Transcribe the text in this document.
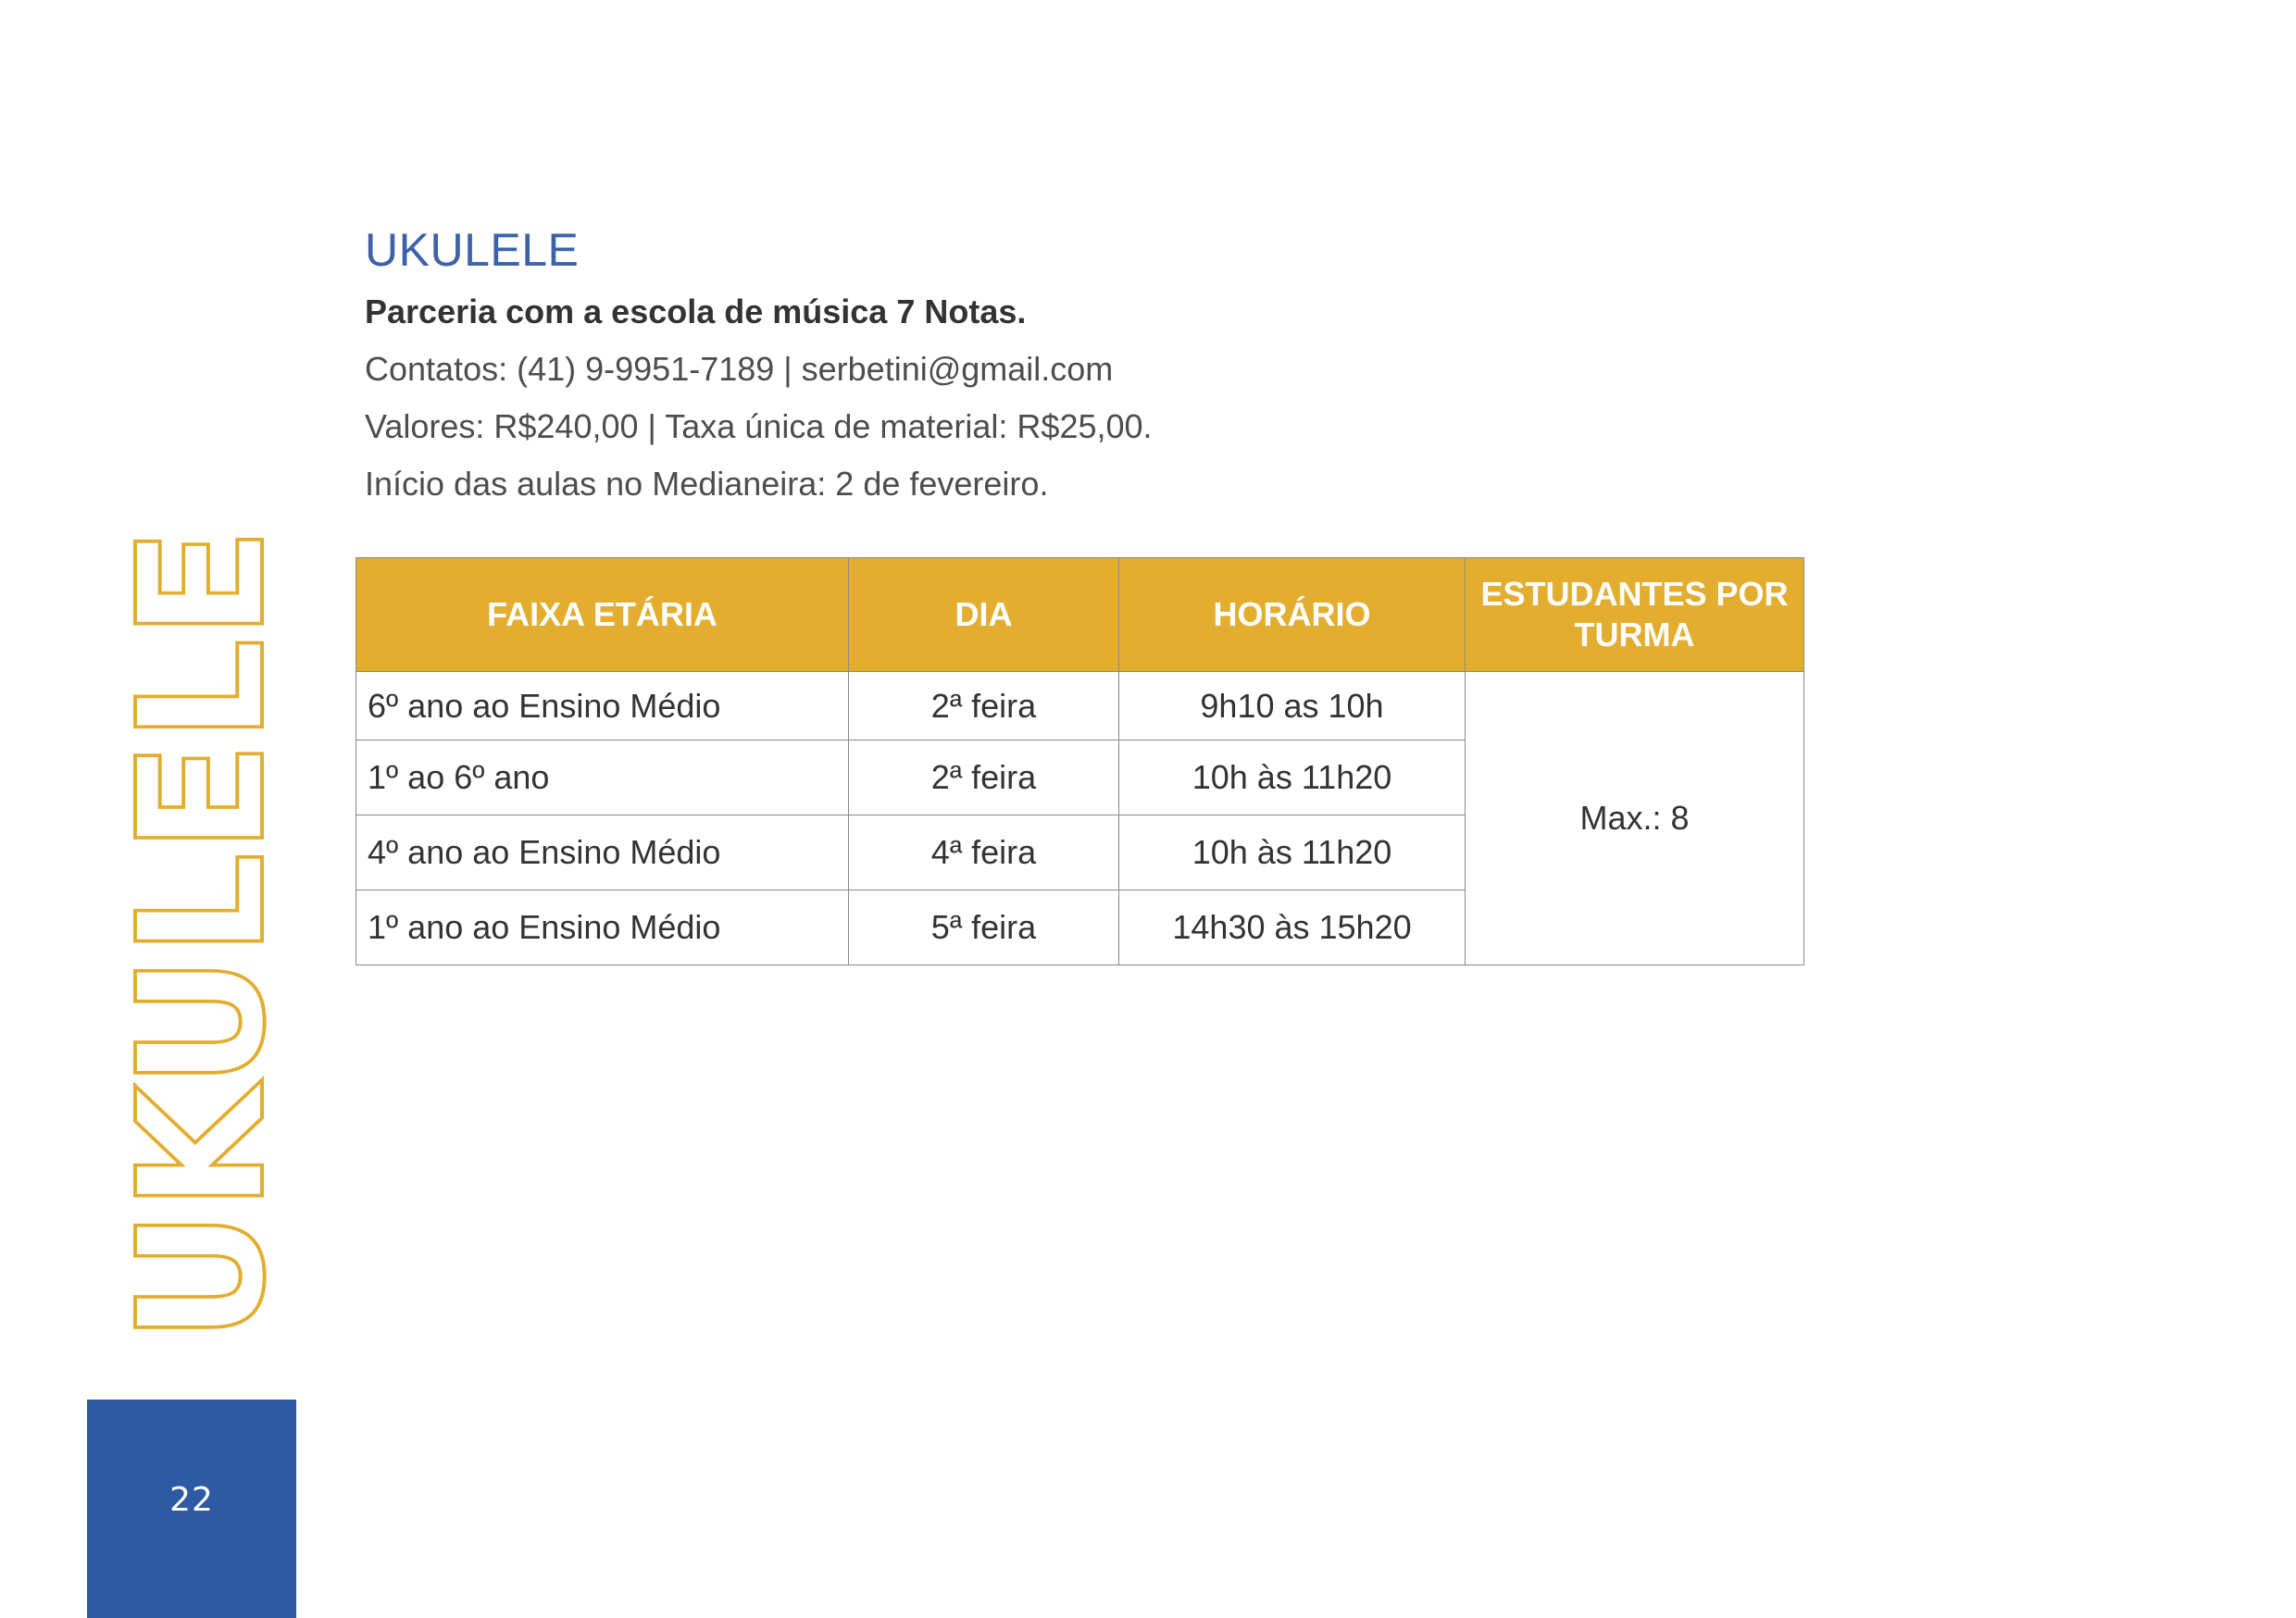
UKULELE
22
UKULELE

Parceria com a escola de música 7 Notas.

Contatos: (41) 9-9951-7189 | serbetini@gmail.com

Valores: R$240,00 | Taxa única de material: R$25,00.

Início das aulas no Medianeira: 2 de fevereiro.

FAIXA ETÁRIA	DIA	HORÁRIO	ESTUDANTES POR TURMA
6º ano ao Ensino Médio	2ª feira	9h10 as 10h	Max.: 8
1º ao 6º ano	2ª feira	10h às 11h20	
4º ano ao Ensino Médio	4ª feira	10h às 11h20	
1º ano ao Ensino Médio	5ª feira	14h30 às 15h20	
